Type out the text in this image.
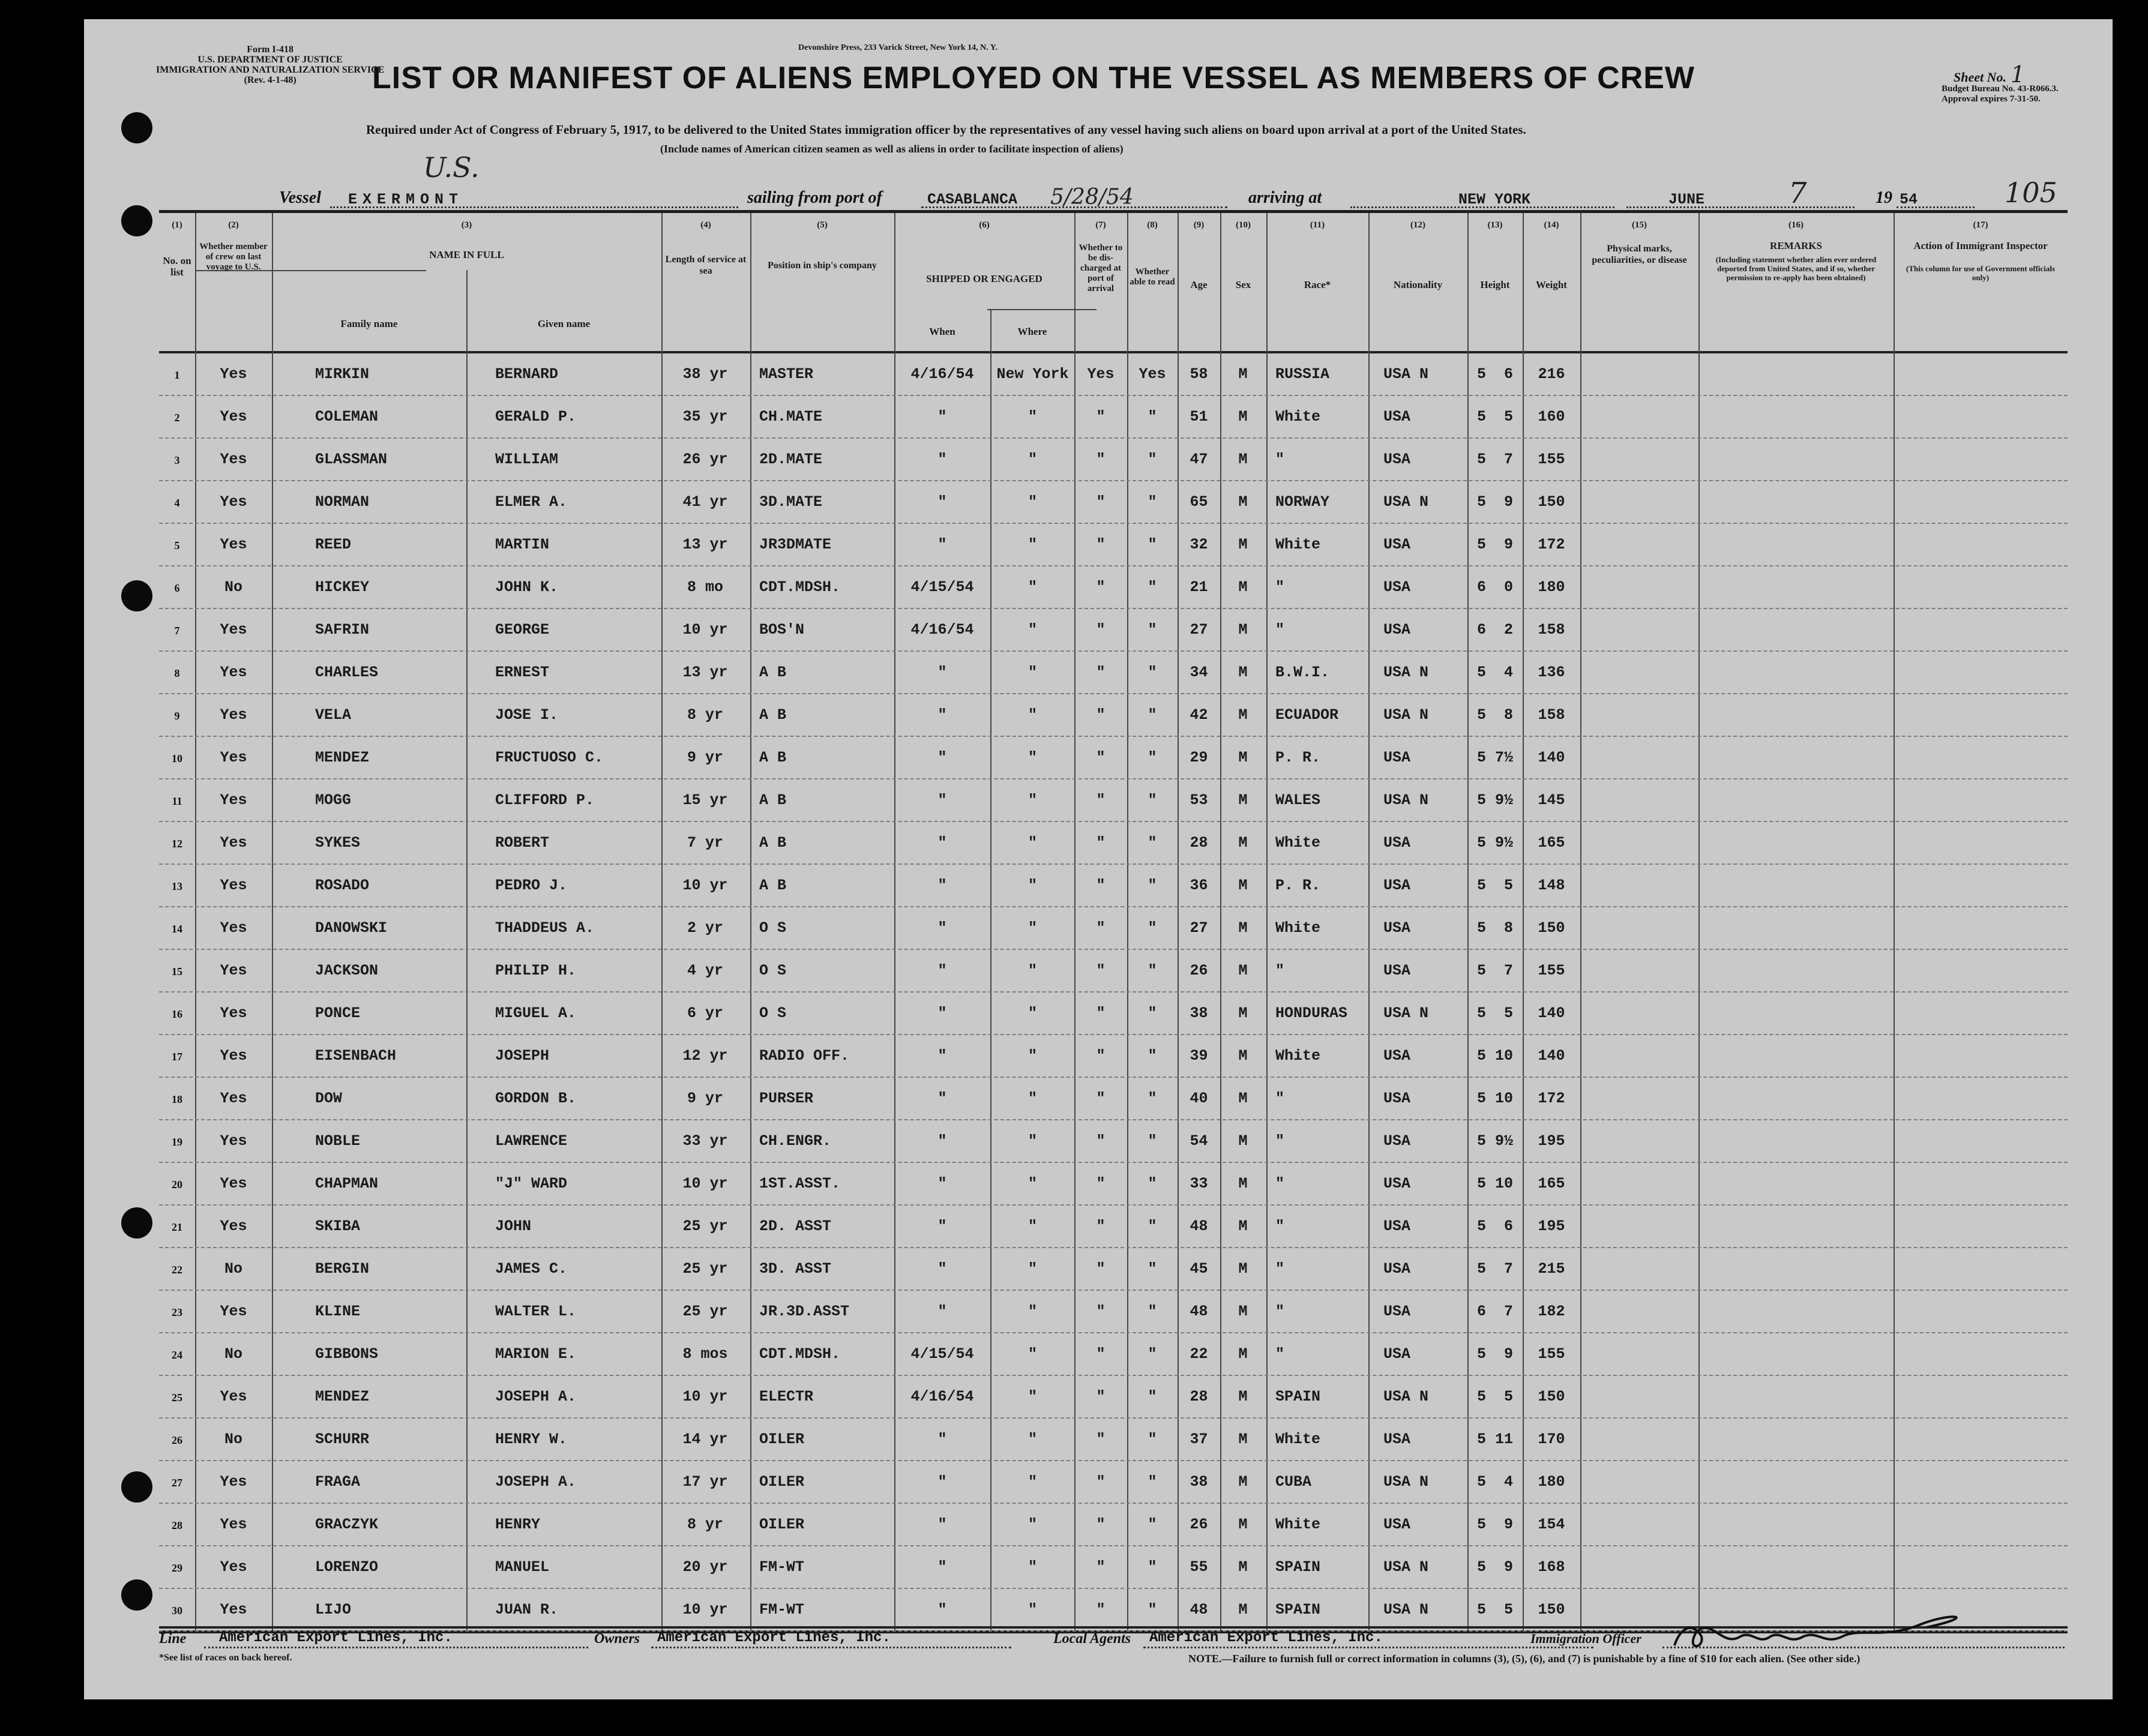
Form I-418
U.S. DEPARTMENT OF JUSTICE
IMMIGRATION AND NATURALIZATION SERVICE
(Rev. 4-1-48)
Devonshire Press, 233 Varick Street, New York 14, N. Y.
LIST OR MANIFEST OF ALIENS EMPLOYED ON THE VESSEL AS MEMBERS OF CREW	Sheet No. 1
Budget Bureau No. 43-R066.3.
Approval expires 7-31-50.
Required under Act of Congress of February 5, 1917, to be delivered to the United States immigration officer by the representatives of any vessel having such aliens on board upon arrival at a port of the United States.
(Include names of American citizen seamen as well as aliens in order to facilitate inspection of aliens)
U.S.
Vessel EXERMONT	sailing from port of	CASABLANCA 5/28/54	arriving at	NEW YORK	JUNE	7	19 54	105
(1)	(2)	(3)	(4)	(5)	(6)	(7)	(8)	(9)	(10)	(11)	(12)	(13)	(14)	(15)	(16)	(17)
No. on list
Whether member of crew on last voyage to U.S.
NAME IN FULL
Family name	Given name
Length of service at sea
Position in ship's company
SHIPPED OR ENGAGED
When	Where
Whether to be dis-charged at port of arrival
Whether able to read	Age	Sex	Race*	Nationality	Height	Weight
Physical marks, peculiarities, or disease
REMARKS
(Including statement whether alien ever ordered deported from United States, and if so, whether permission to re-apply has been obtained)
Action of Immigrant Inspector
(This column for use of Government officials only)
1	Yes	MIRKIN	BERNARD	38 yr	MASTER	4/16/54	New York	Yes	Yes	58	M	RUSSIA	USA N	5  6	216
2	Yes	COLEMAN	GERALD P.	35 yr	CH.MATE	"	"	"	"	51	M	White	USA	5  5	160
3	Yes	GLASSMAN	WILLIAM	26 yr	2D.MATE	"	"	"	"	47	M	"	USA	5  7	155
4	Yes	NORMAN	ELMER A.	41 yr	3D.MATE	"	"	"	"	65	M	NORWAY	USA N	5  9	150
5	Yes	REED	MARTIN	13 yr	JR3DMATE	"	"	"	"	32	M	White	USA	5  9	172
6	No	HICKEY	JOHN K.	8 mo	CDT.MDSH.	4/15/54	"	"	"	21	M	"	USA	6  0	180
7	Yes	SAFRIN	GEORGE	10 yr	BOS'N	4/16/54	"	"	"	27	M	"	USA	6  2	158
8	Yes	CHARLES	ERNEST	13 yr	A B	"	"	"	"	34	M	B.W.I.	USA N	5  4	136
9	Yes	VELA	JOSE I.	8 yr	A B	"	"	"	"	42	M	ECUADOR	USA N	5  8	158
10	Yes	MENDEZ	FRUCTUOSO C.	9 yr	A B	"	"	"	"	29	M	P. R.	USA	5 7½	140
11	Yes	MOGG	CLIFFORD P.	15 yr	A B	"	"	"	"	53	M	WALES	USA N	5 9½	145
12	Yes	SYKES	ROBERT	7 yr	A B	"	"	"	"	28	M	White	USA	5 9½	165
13	Yes	ROSADO	PEDRO J.	10 yr	A B	"	"	"	"	36	M	P. R.	USA	5  5	148
14	Yes	DANOWSKI	THADDEUS A.	2 yr	O S	"	"	"	"	27	M	White	USA	5  8	150
15	Yes	JACKSON	PHILIP H.	4 yr	O S	"	"	"	"	26	M	"	USA	5  7	155
16	Yes	PONCE	MIGUEL A.	6 yr	O S	"	"	"	"	38	M	HONDURAS	USA N	5  5	140
17	Yes	EISENBACH	JOSEPH	12 yr	RADIO OFF.	"	"	"	"	39	M	White	USA	5 10	140
18	Yes	DOW	GORDON B.	9 yr	PURSER	"	"	"	"	40	M	"	USA	5 10	172
19	Yes	NOBLE	LAWRENCE	33 yr	CH.ENGR.	"	"	"	"	54	M	"	USA	5 9½	195
20	Yes	CHAPMAN	"J" WARD	10 yr	1ST.ASST.	"	"	"	"	33	M	"	USA	5 10	165
21	Yes	SKIBA	JOHN	25 yr	2D. ASST	"	"	"	"	48	M	"	USA	5  6	195
22	No	BERGIN	JAMES C.	25 yr	3D. ASST	"	"	"	"	45	M	"	USA	5  7	215
23	Yes	KLINE	WALTER L.	25 yr	JR.3D.ASST	"	"	"	"	48	M	"	USA	6  7	182
24	No	GIBBONS	MARION E.	8 mos	CDT.MDSH.	4/15/54	"	"	"	22	M	"	USA	5  9	155
25	Yes	MENDEZ	JOSEPH A.	10 yr	ELECTR	4/16/54	"	"	"	28	M	SPAIN	USA N	5  5	150
26	No	SCHURR	HENRY W.	14 yr	OILER	"	"	"	"	37	M	White	USA	5 11	170
27	Yes	FRAGA	JOSEPH A.	17 yr	OILER	"	"	"	"	38	M	CUBA	USA N	5  4	180
28	Yes	GRACZYK	HENRY	8 yr	OILER	"	"	"	"	26	M	White	USA	5  9	154
29	Yes	LORENZO	MANUEL	20 yr	FM-WT	"	"	"	"	55	M	SPAIN	USA N	5  9	168
30	Yes	LIJO	JUAN R.	10 yr	FM-WT	"	"	"	"	48	M	SPAIN	USA N	5  5	150
Line American Export Lines, Inc.	Owners American Export Lines, Inc.	Local Agents American Export Lines, Inc.	Immigration Officer
*See list of races on back hereof.	NOTE.—Failure to furnish full or correct information in columns (3), (5), (6), and (7) is punishable by a fine of $10 for each alien. (See other side.)
